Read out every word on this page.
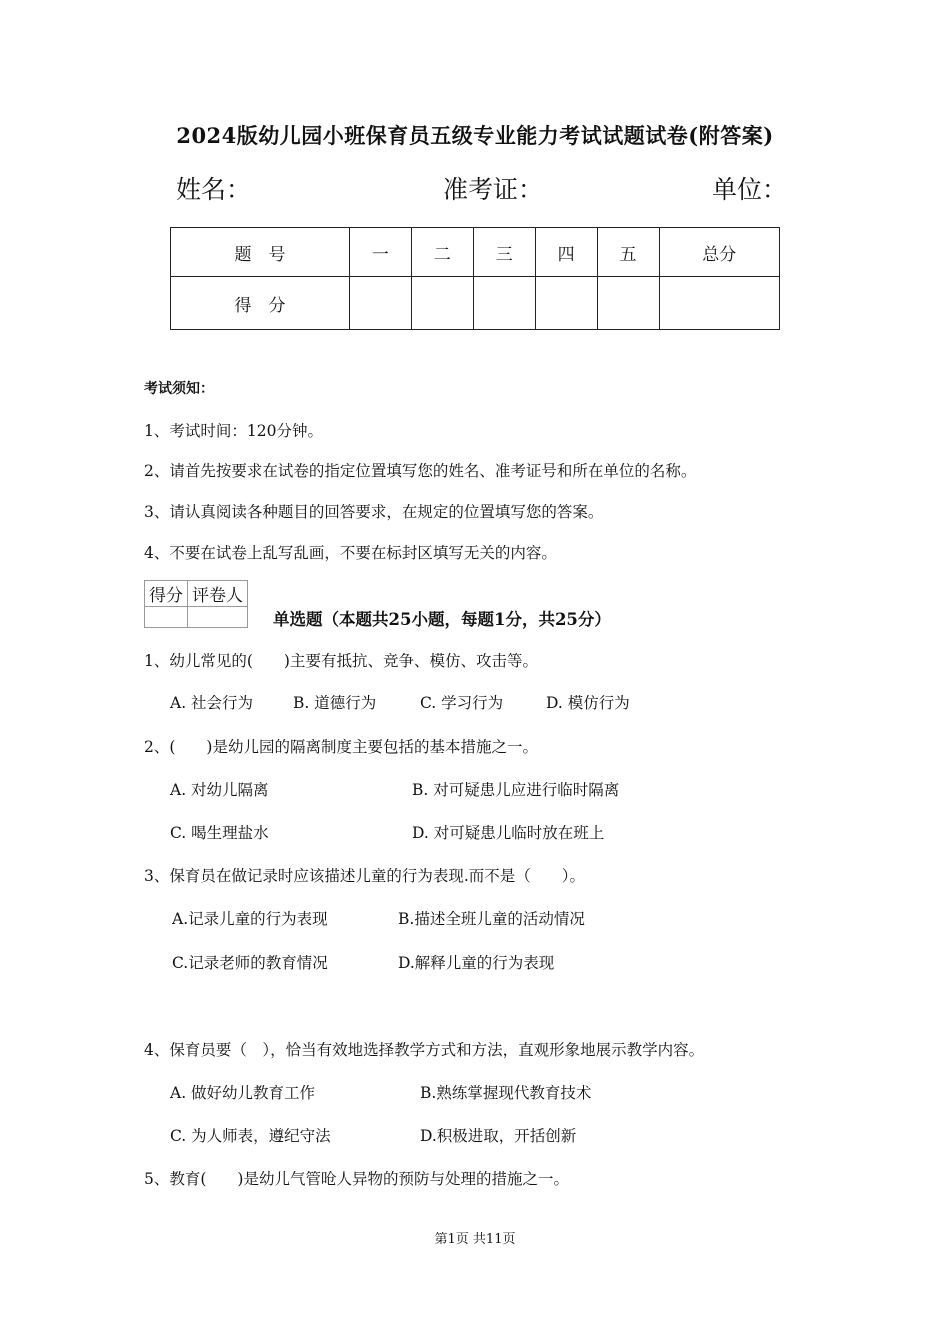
2024版幼儿园小班保育员五级专业能力考试试题试卷(附答案)
姓名：	准考证：	单位：
题　号	一	二	三	四	五	总分
得　分						
考试须知：
1、考试时间：120分钟。
2、请首先按要求在试卷的指定位置填写您的姓名、准考证号和所在单位的名称。
3、请认真阅读各种题目的回答要求，在规定的位置填写您的答案。
4、不要在试卷上乱写乱画，不要在标封区填写无关的内容。
得分	评卷人

单选题（本题共25小题，每题1分，共25分）
1、幼儿常见的(　　)主要有抵抗、竞争、模仿、攻击等。
A. 社会行为	B. 道德行为	C. 学习行为	D. 模仿行为
2、(　　)是幼儿园的隔离制度主要包括的基本措施之一。
A. 对幼儿隔离	B. 对可疑患儿应进行临时隔离
C. 喝生理盐水	D. 对可疑患儿临时放在班上
3、保育员在做记录时应该描述儿童的行为表现.而不是（　　）。
A.记录儿童的行为表现	B.描述全班儿童的活动情况
C.记录老师的教育情况	D.解释儿童的行为表现
4、保育员要（　），恰当有效地选择教学方式和方法，直观形象地展示教学内容。
A. 做好幼儿教育工作	B.熟练掌握现代教育技术
C. 为人师表，遵纪守法	D.积极进取，开括创新
5、教育(　　)是幼儿气管呛人异物的预防与处理的措施之一。
第1页 共11页
